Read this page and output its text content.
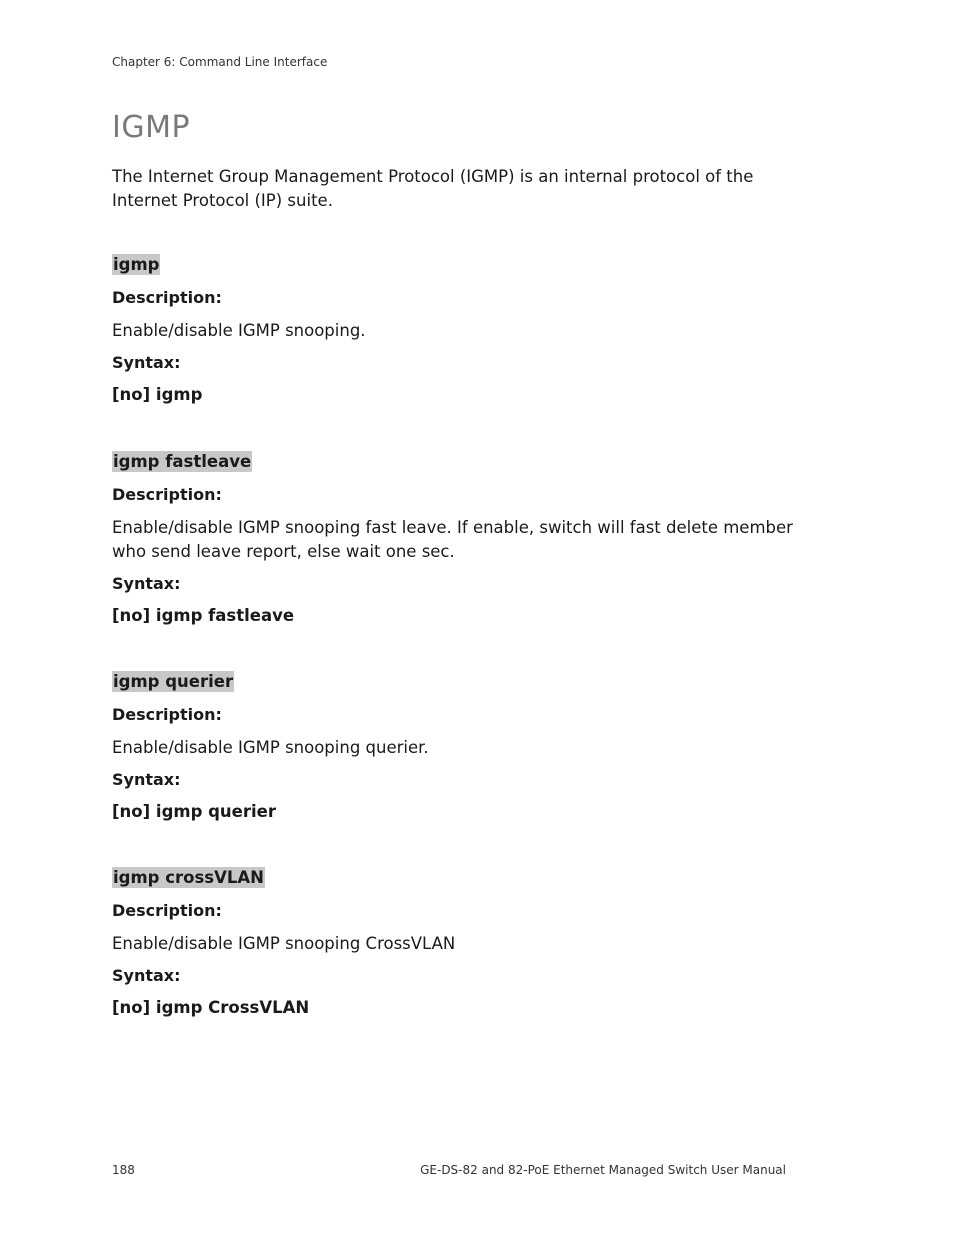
Chapter 6: Command Line Interface
IGMP

The Internet Group Management Protocol (IGMP) is an internal protocol of the Internet Protocol (IP) suite.

igmp
Description:
Enable/disable IGMP snooping.
Syntax:
[no] igmp
igmp fastleave
Description:
Enable/disable IGMP snooping fast leave. If enable, switch will fast delete member who send leave report, else wait one sec.
Syntax:
[no] igmp fastleave
igmp querier
Description:
Enable/disable IGMP snooping querier.
Syntax:
[no] igmp querier
igmp crossVLAN
Description:
Enable/disable IGMP snooping CrossVLAN
Syntax:
[no] igmp CrossVLAN
188	GE-DS-82 and 82-PoE Ethernet Managed Switch User Manual
